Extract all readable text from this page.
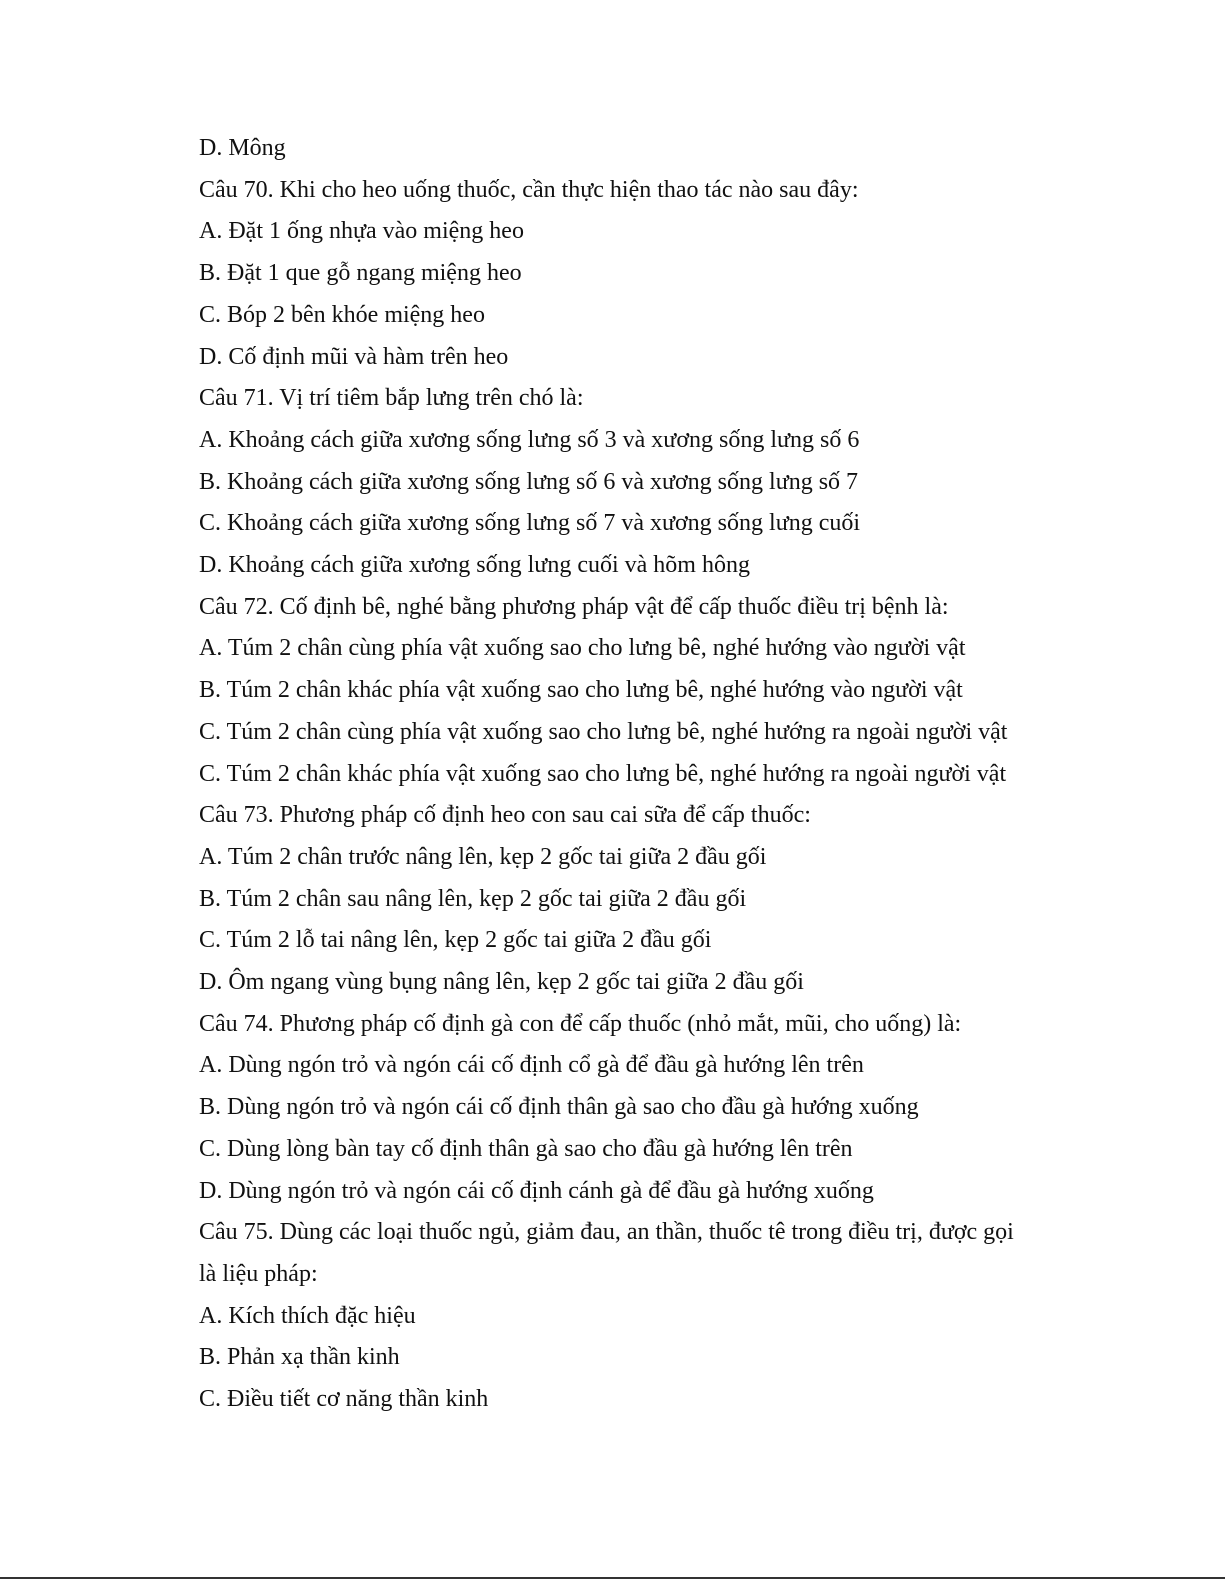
D. Mông
Câu 70. Khi cho heo uống thuốc, cần thực hiện thao tác nào sau đây:
A. Đặt 1 ống nhựa vào miệng heo
B. Đặt 1 que gỗ ngang miệng heo
C. Bóp 2 bên khóe miệng heo
D. Cố định mũi và hàm trên heo
Câu 71. Vị trí tiêm bắp lưng trên chó là:
A. Khoảng cách giữa xương sống lưng số 3 và xương sống lưng số 6
B. Khoảng cách giữa xương sống lưng số 6 và xương sống lưng số 7
C. Khoảng cách giữa xương sống lưng số 7 và xương sống lưng cuối
D. Khoảng cách giữa xương sống lưng cuối và hõm hông
Câu 72. Cố định bê, nghé bằng phương pháp vật để cấp thuốc điều trị bệnh là:
A. Túm 2 chân cùng phía vật xuống sao cho lưng bê, nghé hướng vào người vật
B. Túm 2 chân khác phía vật xuống sao cho lưng bê, nghé hướng vào người vật
C. Túm 2 chân cùng phía vật xuống sao cho lưng bê, nghé hướng ra ngoài người vật
C. Túm 2 chân khác phía vật xuống sao cho lưng bê, nghé hướng ra ngoài người vật
Câu 73. Phương pháp cố định heo con sau cai sữa để cấp thuốc:
A. Túm 2 chân trước nâng lên, kẹp 2 gốc tai giữa 2 đầu gối
B. Túm 2 chân sau nâng lên, kẹp 2 gốc tai giữa 2 đầu gối
C. Túm 2 lỗ tai nâng lên, kẹp 2 gốc tai giữa 2 đầu gối
D. Ôm ngang vùng bụng nâng lên, kẹp 2 gốc tai giữa 2 đầu gối
Câu 74. Phương pháp cố định gà con để cấp thuốc (nhỏ mắt, mũi, cho uống) là:
A. Dùng ngón trỏ và ngón cái cố định cổ gà để đầu gà hướng lên trên
B. Dùng ngón trỏ và ngón cái cố định thân gà sao cho đầu gà hướng xuống
C. Dùng lòng bàn tay cố định thân gà sao cho đầu gà hướng lên trên
D. Dùng ngón trỏ và ngón cái cố định cánh gà để đầu gà hướng xuống
Câu 75. Dùng các loại thuốc ngủ, giảm đau, an thần, thuốc tê trong điều trị, được gọi
là liệu pháp:
A. Kích thích đặc hiệu
B. Phản xạ thần kinh
C. Điều tiết cơ năng thần kinh
